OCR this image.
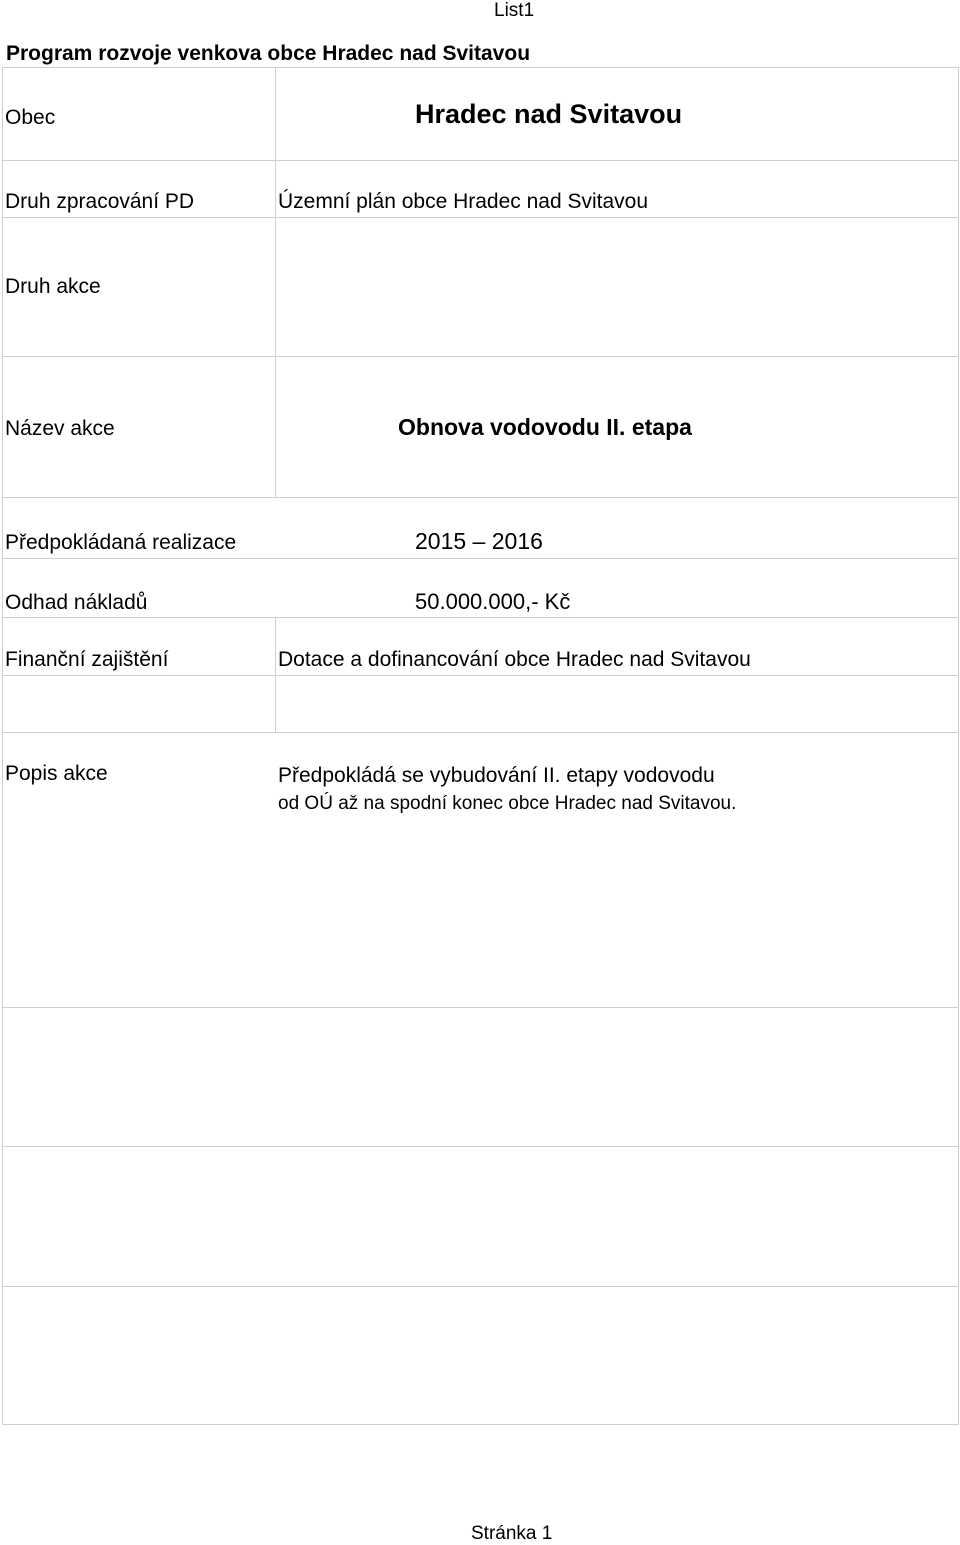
List1
Program rozvoje venkova obce Hradec nad Svitavou
Obec	Hradec nad Svitavou
Druh zpracování PD	Územní plán obce Hradec nad Svitavou
Druh akce
Název akce	Obnova vodovodu II. etapa
Předpokládaná realizace	2015 – 2016
Odhad nákladů	50.000.000,- Kč
Finanční zajištění	Dotace a dofinancování obce Hradec nad Svitavou
Popis akce	Předpokládá se vybudování II. etapy vodovodu
od OÚ až na spodní konec obce Hradec nad Svitavou.
Stránka 1
